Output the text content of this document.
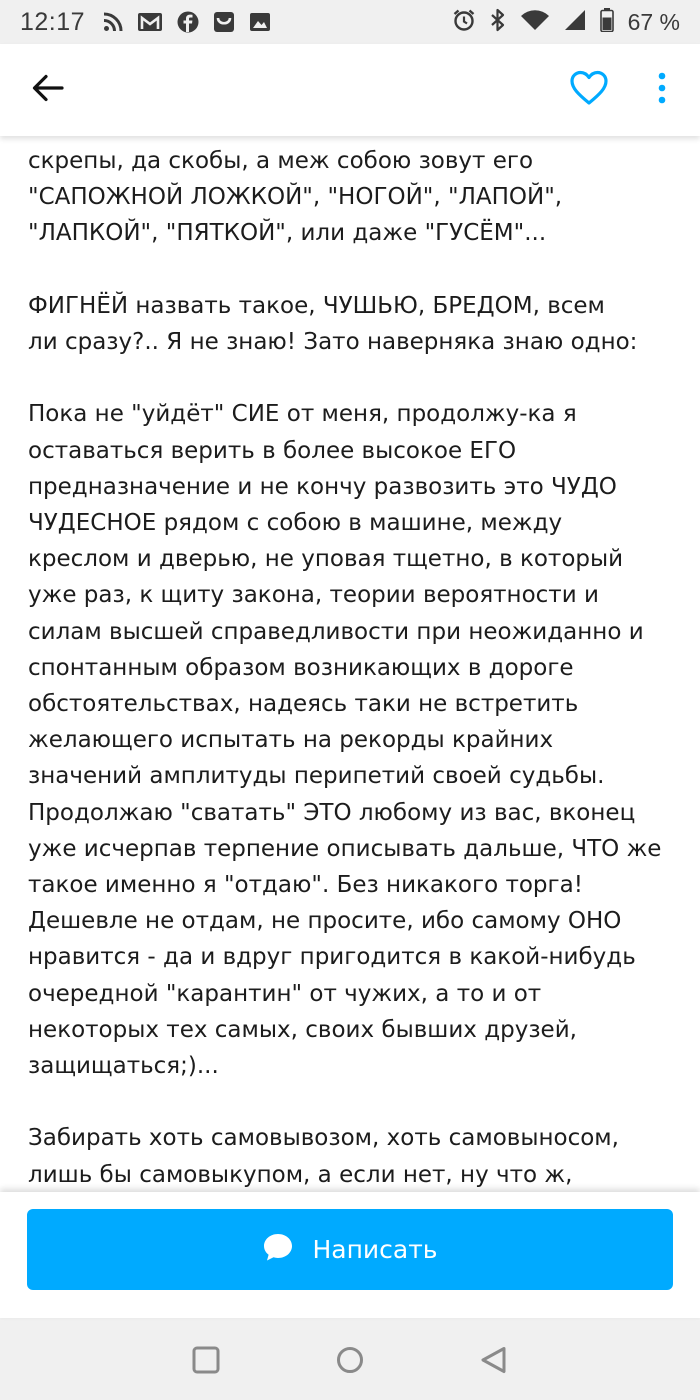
12:17	67 %

скрепы, да скобы, а меж собою зовут его
"САПОЖНОЙ ЛОЖКОЙ", "НОГОЙ", "ЛАПОЙ",
"ЛАПКОЙ", "ПЯТКОЙ", или даже "ГУСЁМ"...

ФИГНЁЙ назвать такое, ЧУШЬЮ, БРЕДОМ, всем
ли сразу?.. Я не знаю! Зато наверняка знаю одно:

Пока не "уйдёт" СИЕ от меня, продолжу-ка я
оставаться верить в более высокое ЕГО
предназначение и не кончу развозить это ЧУДО
ЧУДЕСНОЕ рядом с собою в машине, между
креслом и дверью, не уповая тщетно, в который
уже раз, к щиту закона, теории вероятности и
силам высшей справедливости при неожиданно и
спонтанным образом возникающих в дороге
обстоятельствах, надеясь таки не встретить
желающего испытать на рекорды крайних
значений амплитуды перипетий своей судьбы.
Продолжаю "сватать" ЭТО любому из вас, вконец
уже исчерпав терпение описывать дальше, ЧТО же
такое именно я "отдаю". Без никакого торга!
Дешевле не отдам, не просите, ибо самому ОНО
нравится - да и вдруг пригодится в какой-нибудь
очередной "карантин" от чужих, а то и от
некоторых тех самых, своих бывших друзей,
защищаться;)...

Забирать хоть самовывозом, хоть самовыносом,
лишь бы самовыкупом, а если нет, ну что ж,

Написать
